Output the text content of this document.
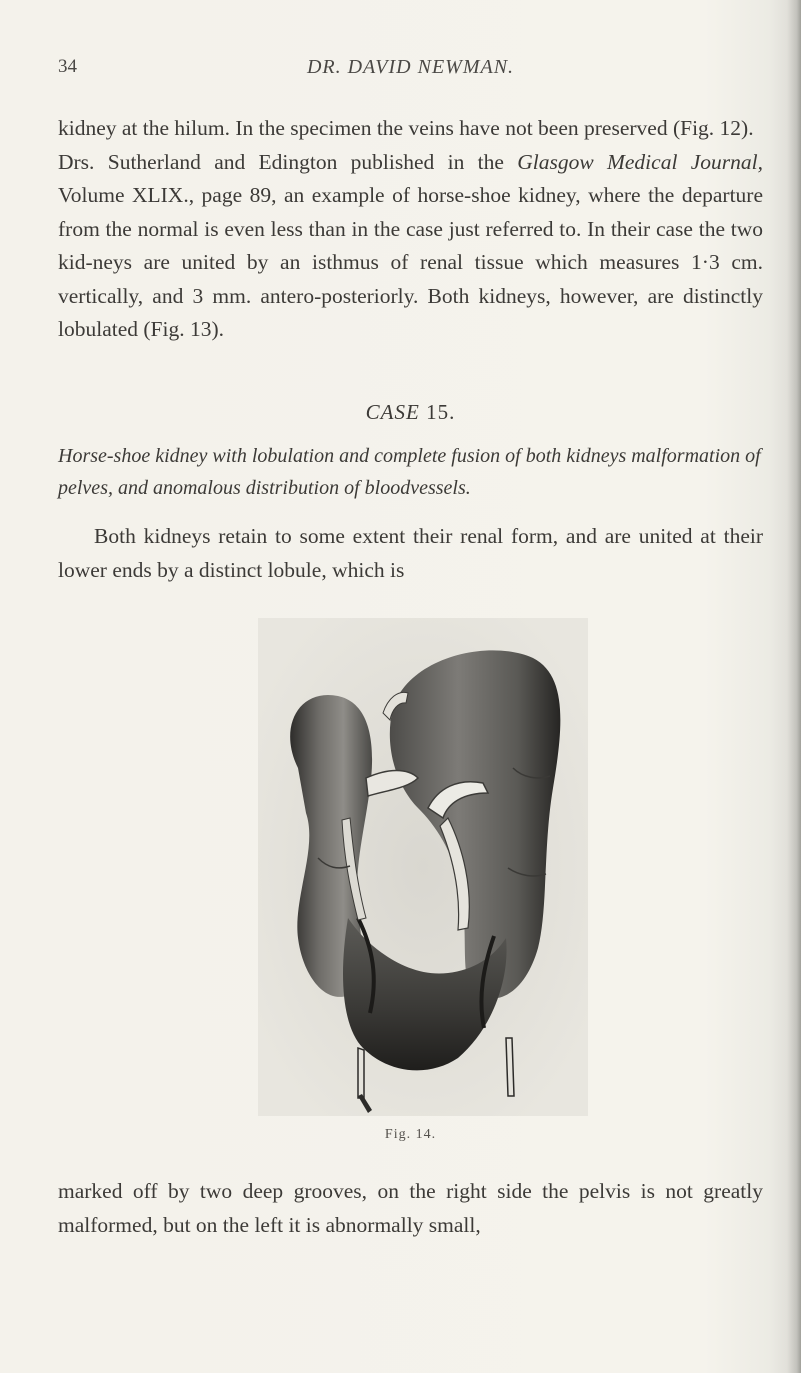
34	DR. DAVID NEWMAN.
kidney at the hilum. In the specimen the veins have not been preserved (Fig. 12).
Drs. Sutherland and Edington published in the Glasgow Medical Journal, Volume XLIX., page 89, an example of horse-shoe kidney, where the departure from the normal is even less than in the case just referred to. In their case the two kid-neys are united by an isthmus of renal tissue which measures 1·3 cm. vertically, and 3 mm. antero-posteriorly. Both kidneys, however, are distinctly lobulated (Fig. 13).
CASE 15.
Horse-shoe kidney with lobulation and complete fusion of both kidneys malformation of pelves, and anomalous distribution of bloodvessels.
Both kidneys retain to some extent their renal form, and are united at their lower ends by a distinct lobule, which is
Fig. 14.
marked off by two deep grooves, on the right side the pelvis is not greatly malformed, but on the left it is abnormally small,
